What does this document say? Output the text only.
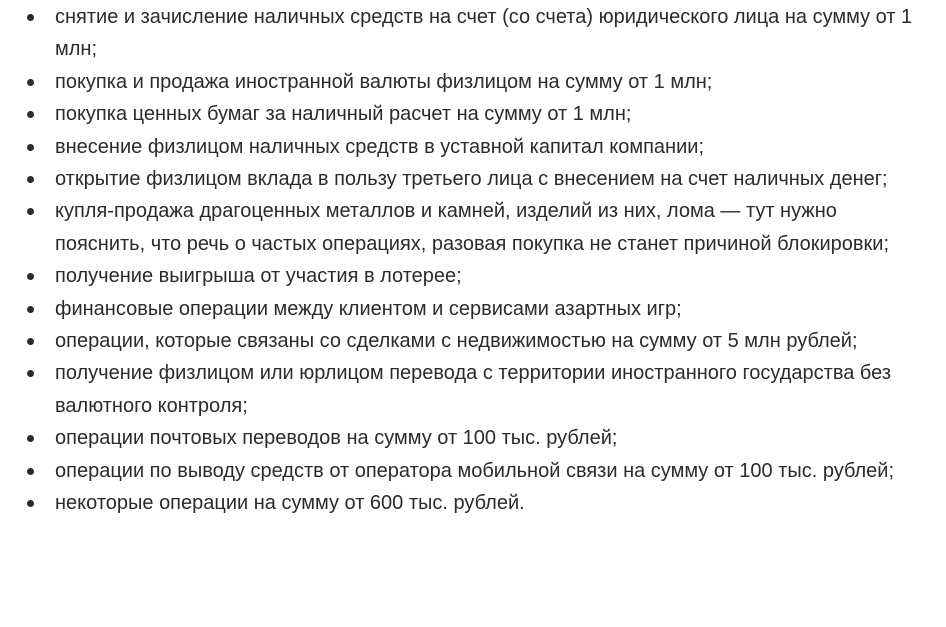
снятие и зачисление наличных средств на счет (со счета) юридического лица на сумму от 1 млн;
покупка и продажа иностранной валюты физлицом на сумму от 1 млн;
покупка ценных бумаг за наличный расчет на сумму от 1 млн;
внесение физлицом наличных средств в уставной капитал компании;
открытие физлицом вклада в пользу третьего лица с внесением на счет наличных денег;
купля-продажа драгоценных металлов и камней, изделий из них, лома — тут нужно пояснить, что речь о частых операциях, разовая покупка не станет причиной блокировки;
получение выигрыша от участия в лотерее;
финансовые операции между клиентом и сервисами азартных игр;
операции, которые связаны со сделками с недвижимостью на сумму от 5 млн рублей;
получение физлицом или юрлицом перевода с территории иностранного государства без валютного контроля;
операции почтовых переводов на сумму от 100 тыс. рублей;
операции по выводу средств от оператора мобильной связи на сумму от 100 тыс. рублей;
некоторые операции на сумму от 600 тыс. рублей.
